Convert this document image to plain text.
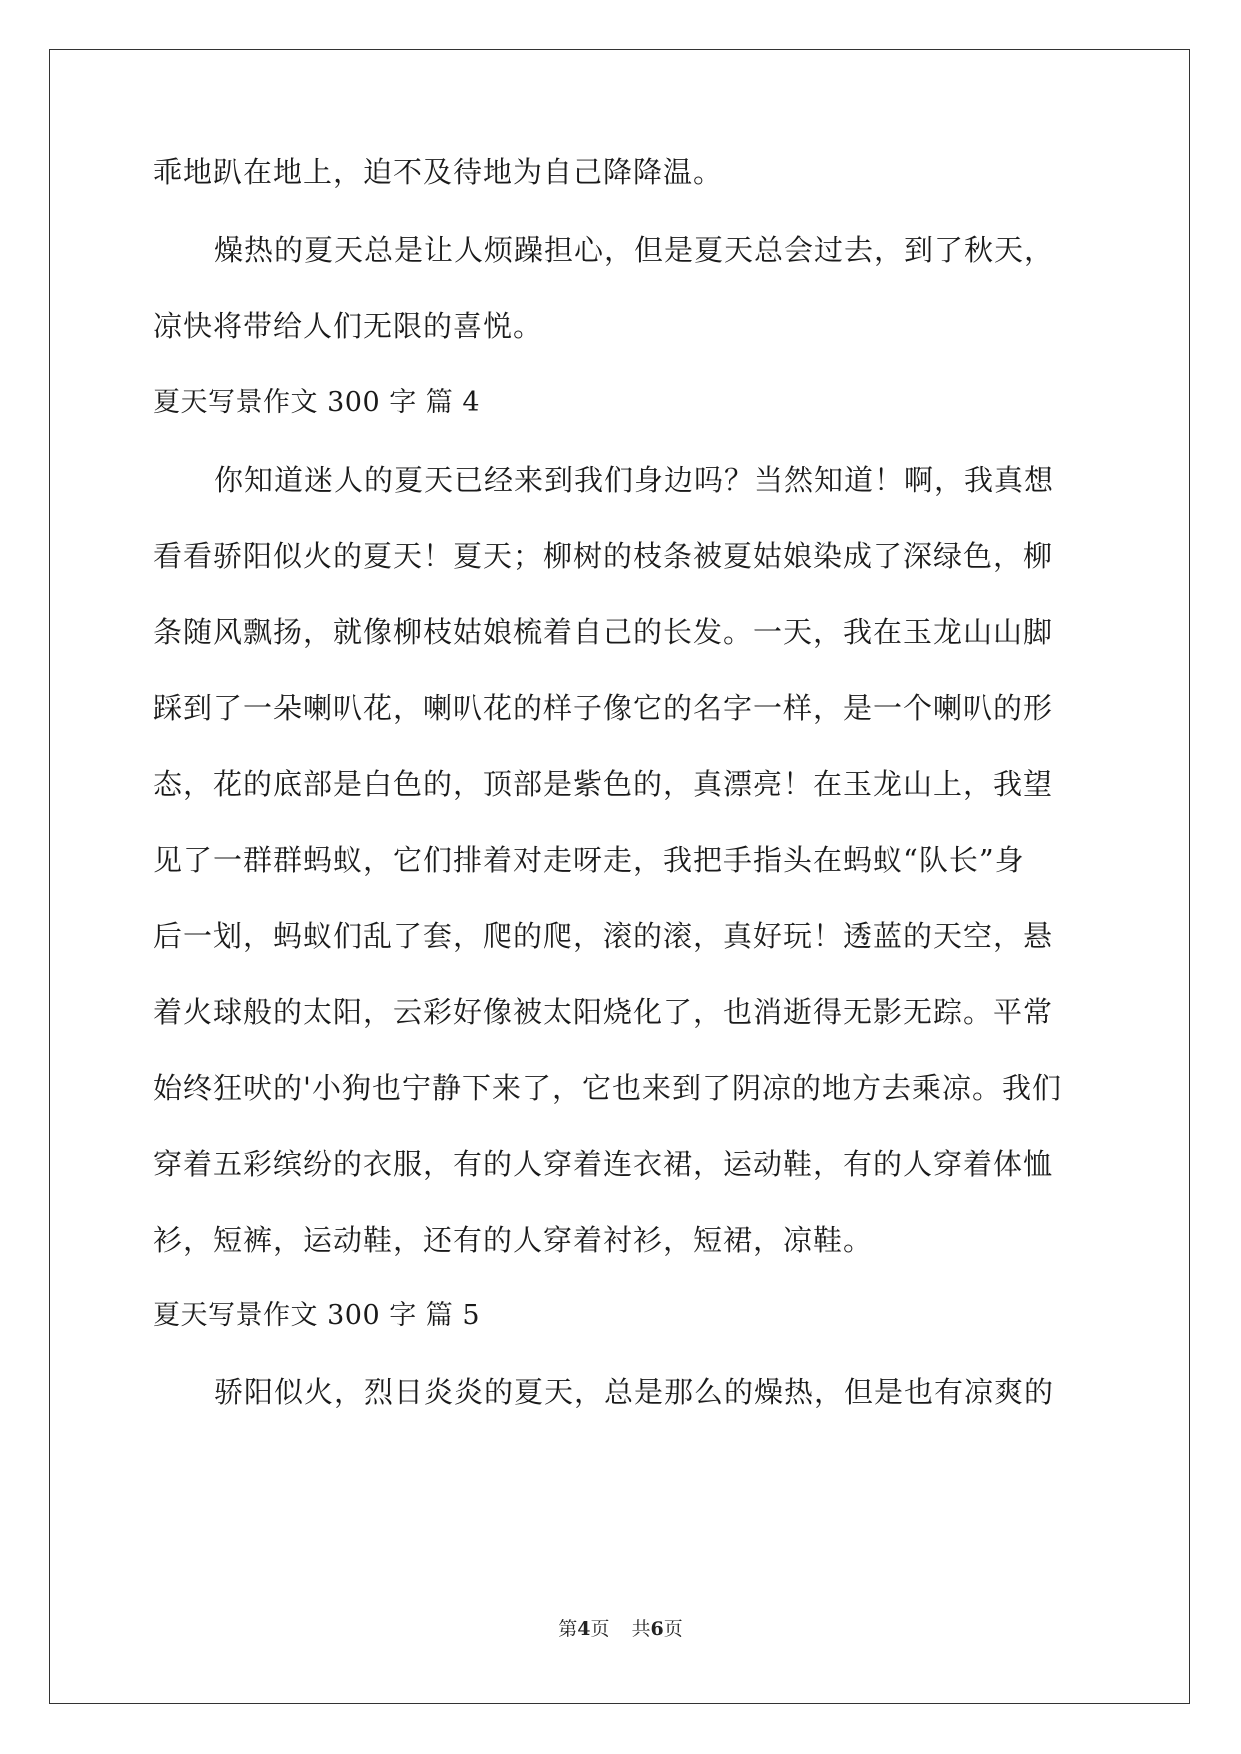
乖地趴在地上，迫不及待地为自己降降温。

燥热的夏天总是让人烦躁担心，但是夏天总会过去，到了秋天，

凉快将带给人们无限的喜悦。

夏天写景作文 300 字 篇 4

你知道迷人的夏天已经来到我们身边吗？当然知道！啊，我真想

看看骄阳似火的夏天！夏天；柳树的枝条被夏姑娘染成了深绿色，柳

条随风飘扬，就像柳枝姑娘梳着自己的长发。一天，我在玉龙山山脚

踩到了一朵喇叭花，喇叭花的样子像它的名字一样，是一个喇叭的形

态，花的底部是白色的，顶部是紫色的，真漂亮！在玉龙山上，我望

见了一群群蚂蚁，它们排着对走呀走，我把手指头在蚂蚁“队长”身

后一划，蚂蚁们乱了套，爬的爬，滚的滚，真好玩！透蓝的天空，悬

着火球般的太阳，云彩好像被太阳烧化了，也消逝得无影无踪。平常

始终狂吠的'小狗也宁静下来了，它也来到了阴凉的地方去乘凉。我们

穿着五彩缤纷的衣服，有的人穿着连衣裙，运动鞋，有的人穿着体恤

衫，短裤，运动鞋，还有的人穿着衬衫，短裙，凉鞋。

夏天写景作文 300 字 篇 5

骄阳似火，烈日炎炎的夏天，总是那么的燥热，但是也有凉爽的

第4页 共6页
